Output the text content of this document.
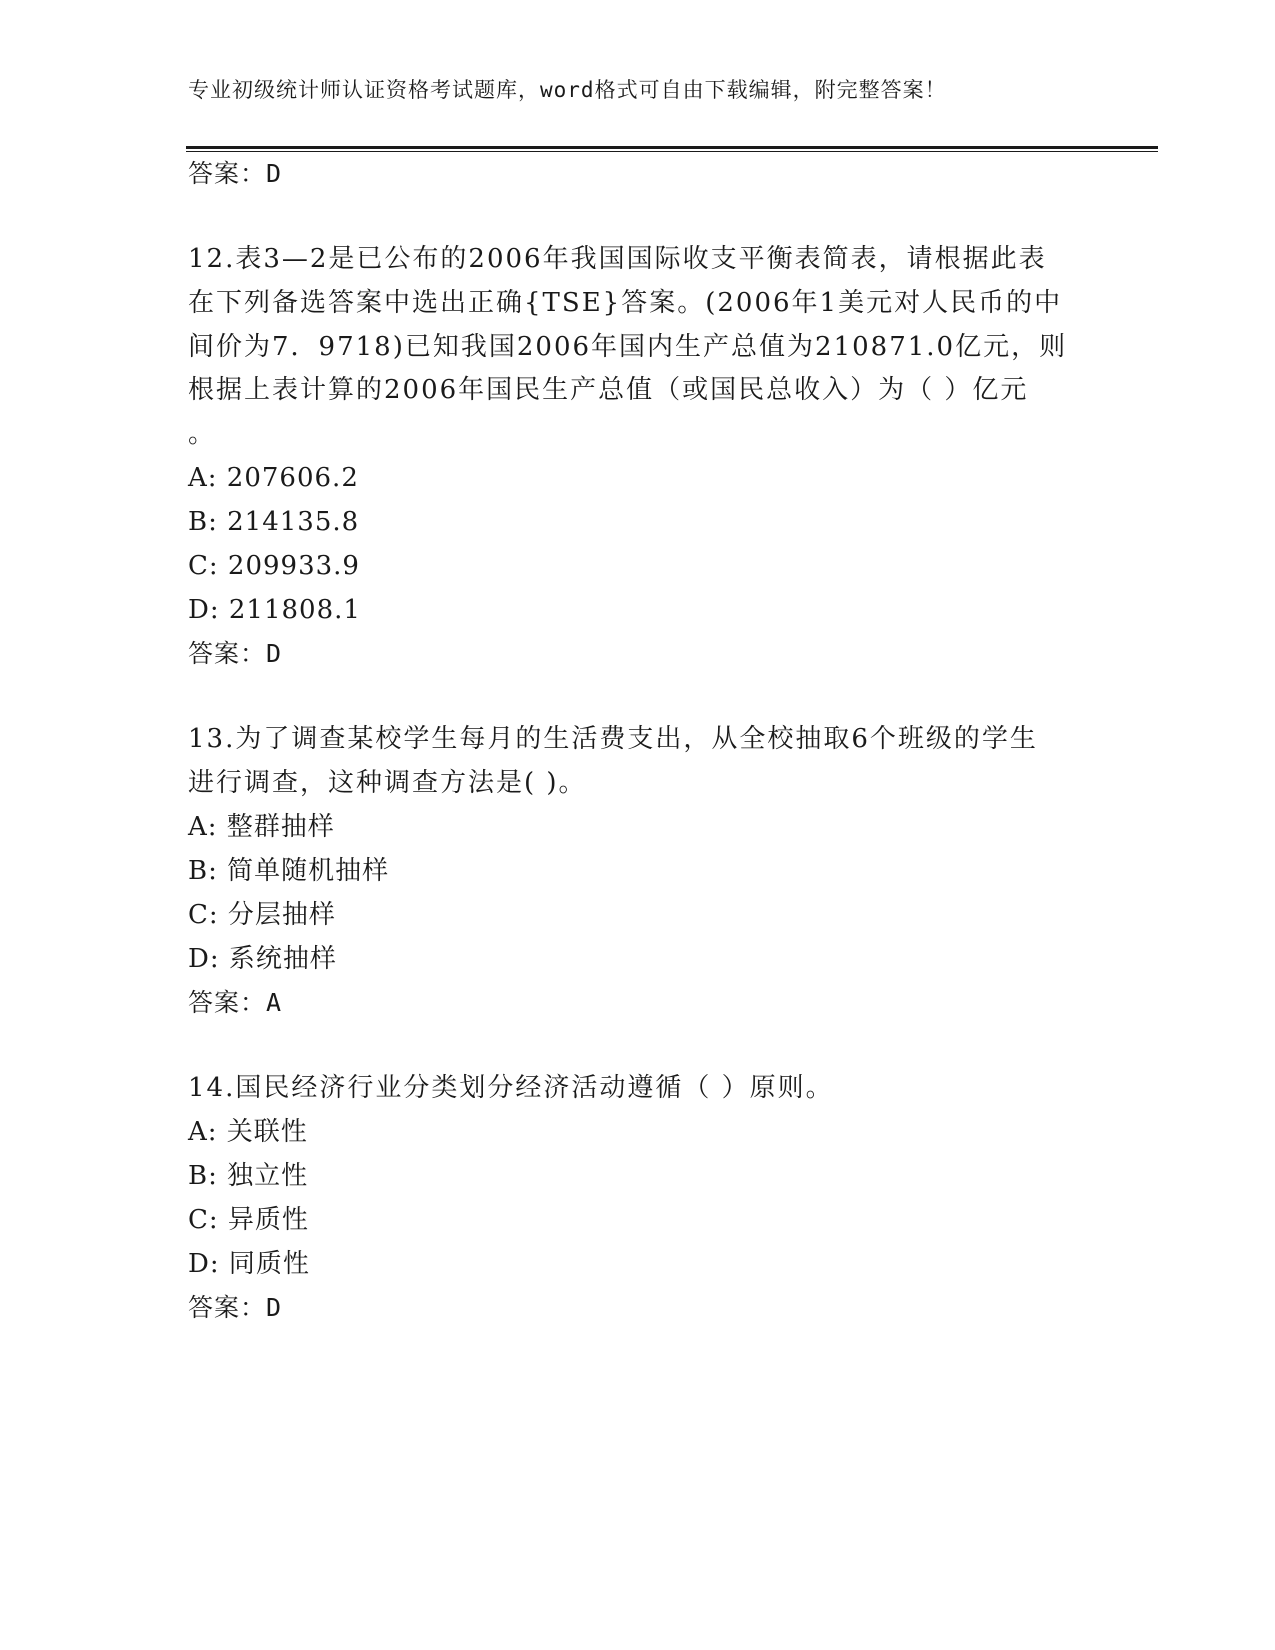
专业初级统计师认证资格考试题库，word格式可自由下载编辑，附完整答案！
答案：D
12.表3—2是已公布的2006年我国国际收支平衡表简表，请根据此表
在下列备选答案中选出正确{TSE}答案。(2006年1美元对人民币的中
间价为7．9718)已知我国2006年国内生产总值为210871.0亿元，则
根据上表计算的2006年国民生产总值（或国民总收入）为（ ）亿元
。
A: 207606.2
B: 214135.8
C: 209933.9
D: 211808.1
答案：D
13.为了调查某校学生每月的生活费支出，从全校抽取6个班级的学生
进行调查，这种调查方法是( )。
A: 整群抽样
B: 简单随机抽样
C: 分层抽样
D: 系统抽样
答案：A
14.国民经济行业分类划分经济活动遵循（ ）原则。
A: 关联性
B: 独立性
C: 异质性
D: 同质性
答案：D
